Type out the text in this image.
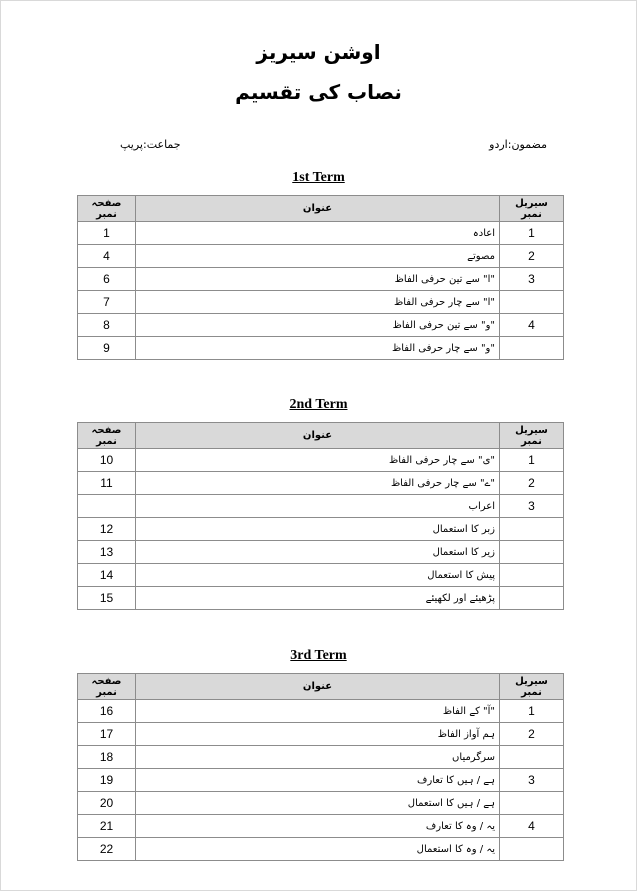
اوشن سیریز
نصاب کی تقسیم
مضمون:اردو
جماعت:پریپ
1st Term
صفحہ نمبر	عنوان	سیریل نمبر
1	اعادہ	1
4	مصوتے	2
6	"ا" سے تین حرفی الفاظ	3
7	"ا" سے چار حرفی الفاظ	
8	"و" سے تین حرفی الفاظ	4
9	"و" سے چار حرفی الفاظ	
2nd Term
صفحہ نمبر	عنوان	سیریل نمبر
10	"ی" سے چار حرفی الفاظ	1
11	"ے" سے چار حرفی الفاظ	2
	اعراب	3
12	زبر کا استعمال	
13	زیر کا استعمال	
14	پیش کا استعمال	
15	پڑھیئے اور لکھیئے	
3rd Term
صفحہ نمبر	عنوان	سیریل نمبر
16	"آ" کے الفاظ	1
17	ہم آواز الفاظ	2
18	سرگرمیاں	
19	ہے / ہیں کا تعارف	3
20	ہے / ہیں کا استعمال	
21	یہ / وہ کا تعارف	4
22	یہ / وہ کا استعمال	
